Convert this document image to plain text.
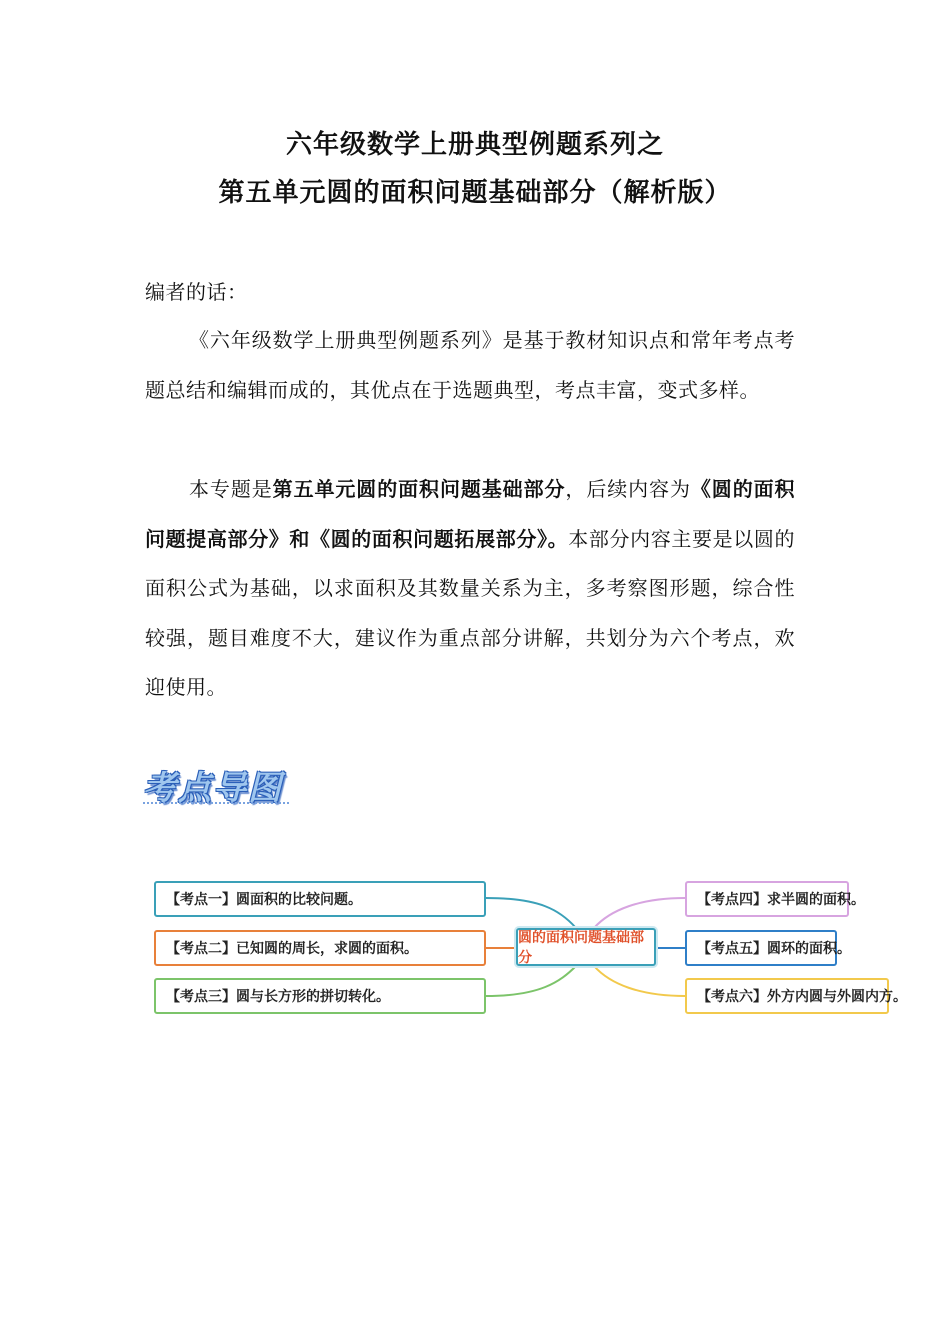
六年级数学上册典型例题系列之
第五单元圆的面积问题基础部分（解析版）
编者的话：
《六年级数学上册典型例题系列》是基于教材知识点和常年考点考题总结和编辑而成的，其优点在于选题典型，考点丰富，变式多样。
本专题是第五单元圆的面积问题基础部分，后续内容为《圆的面积问题提高部分》和《圆的面积问题拓展部分》。本部分内容主要是以圆的面积公式为基础，以求面积及其数量关系为主，多考察图形题，综合性较强，题目难度不大，建议作为重点部分讲解，共划分为六个考点，欢迎使用。
考点导图
【考点一】圆面积的比较问题。
【考点二】已知圆的周长，求圆的面积。
【考点三】圆与长方形的拼切转化。
圆的面积问题基础部分
【考点四】求半圆的面积。
【考点五】圆环的面积。
【考点六】外方内圆与外圆内方。
